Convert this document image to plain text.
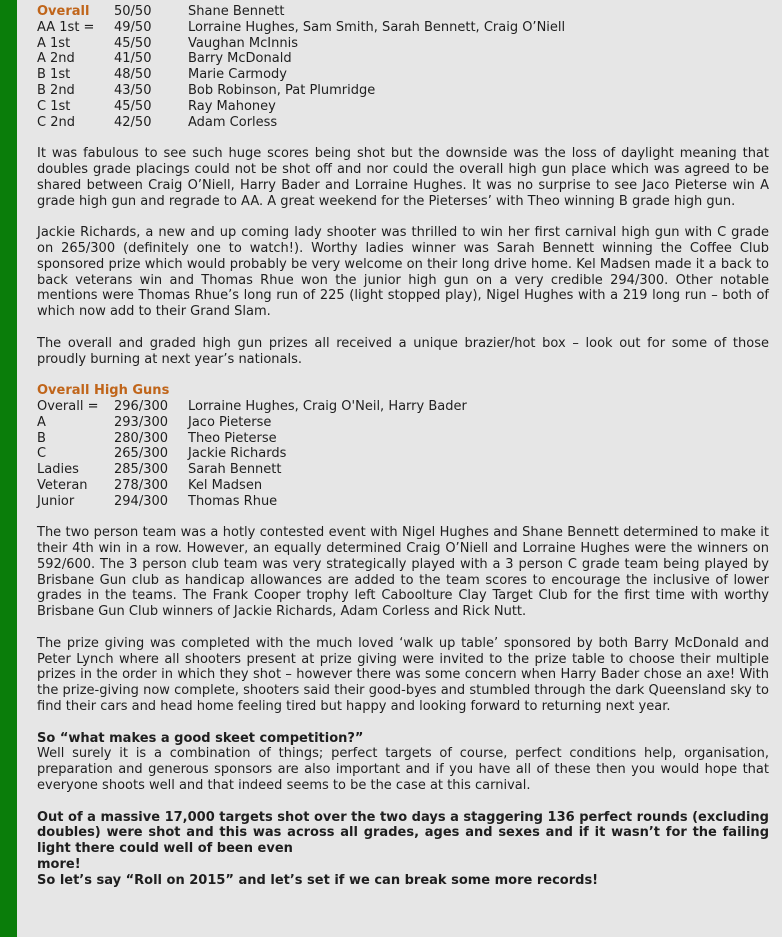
Overall 50/50	Shane Bennett
AA 1st =	49/50	Lorraine Hughes, Sam Smith, Sarah Bennett, Craig O’Niell
A 1st	45/50	Vaughan McInnis
A 2nd	41/50	Barry McDonald
B 1st	48/50	Marie Carmody
B 2nd	43/50	Bob Robinson, Pat Plumridge
C 1st	45/50	Ray Mahoney
C 2nd	42/50	Adam Corless

It was fabulous to see such huge scores being shot but the downside was the loss of daylight meaning that doubles grade placings could not be shot off and nor could the overall high gun place which was agreed to be shared between Craig O’Niell, Harry Bader and Lorraine Hughes. It was no surprise to see Jaco Pieterse win A grade high gun and regrade to AA. A great weekend for the Pieterses’ with Theo winning B grade high gun.

Jackie Richards, a new and up coming lady shooter was thrilled to win her first carnival high gun with C grade on 265/300 (definitely one to watch!). Worthy ladies winner was Sarah Bennett winning the Coffee Club sponsored prize which would probably be very welcome on their long drive home. Kel Madsen made it a back to back veterans win and Thomas Rhue won the junior high gun on a very credible 294/300. Other notable mentions were Thomas Rhue’s long run of 225 (light stopped play), Nigel Hughes with a 219 long run – both of which now add to their Grand Slam.

The overall and graded high gun prizes all received a unique brazier/hot box – look out for some of those proudly burning at next year’s nationals.

Overall High Guns
Overall =	296/300	Lorraine Hughes, Craig O'Neil, Harry Bader
A	293/300	Jaco Pieterse
B	280/300	Theo Pieterse
C	265/300	Jackie Richards
Ladies	285/300	Sarah Bennett
Veteran	278/300	Kel Madsen
Junior	294/300	Thomas Rhue

The two person team was a hotly contested event with Nigel Hughes and Shane Bennett determined to make it their 4th win in a row. However, an equally determined Craig O’Niell and Lorraine Hughes were the winners on 592/600. The 3 person club team was very strategically played with a 3 person C grade team being played by Brisbane Gun club as handicap allowances are added to the team scores to encourage the inclusive of lower grades in the teams. The Frank Cooper trophy left Caboolture Clay Target Club for the first time with worthy Brisbane Gun Club winners of Jackie Richards, Adam Corless and Rick Nutt.

The prize giving was completed with the much loved ‘walk up table’ sponsored by both Barry McDonald and Peter Lynch where all shooters present at prize giving were invited to the prize table to choose their multiple prizes in the order in which they shot – however there was some concern when Harry Bader chose an axe! With the prize-giving now complete, shooters said their good-byes and stumbled through the dark Queensland sky to find their cars and head home feeling tired but happy and looking forward to returning next year.

So “what makes a good skeet competition?”

Well surely it is a combination of things; perfect targets of course, perfect conditions help, organisation, preparation and generous sponsors are also important and if you have all of these then you would hope that everyone shoots well and that indeed seems to be the case at this carnival.

Out of a massive 17,000 targets shot over the two days a staggering 136 perfect rounds (excluding doubles) were shot and this was across all grades, ages and sexes and if it wasn’t for the failing light there could well of been even
more!
So let’s say “Roll on 2015” and let’s set if we can break some more records!
